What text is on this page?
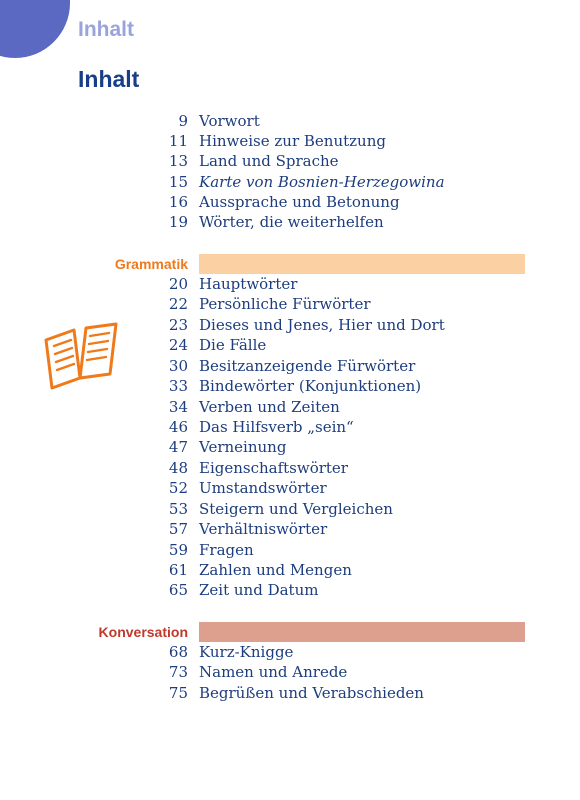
Inhalt
Inhalt
9 Vorwort
11 Hinweise zur Benutzung
13 Land und Sprache
15 Karte von Bosnien-Herzegowina
16 Aussprache und Betonung
19 Wörter, die weiterhelfen
Grammatik
20 Hauptwörter
22 Persönliche Fürwörter
23 Dieses und Jenes, Hier und Dort
24 Die Fälle
30 Besitzanzeigende Fürwörter
33 Bindewörter (Konjunktionen)
34 Verben und Zeiten
46 Das Hilfsverb „sein“
47 Verneinung
48 Eigenschaftswörter
52 Umstandswörter
53 Steigern und Vergleichen
57 Verhältniswörter
59 Fragen
61 Zahlen und Mengen
65 Zeit und Datum
Konversation
68 Kurz-Knigge
73 Namen und Anrede
75 Begrüßen und Verabschieden
